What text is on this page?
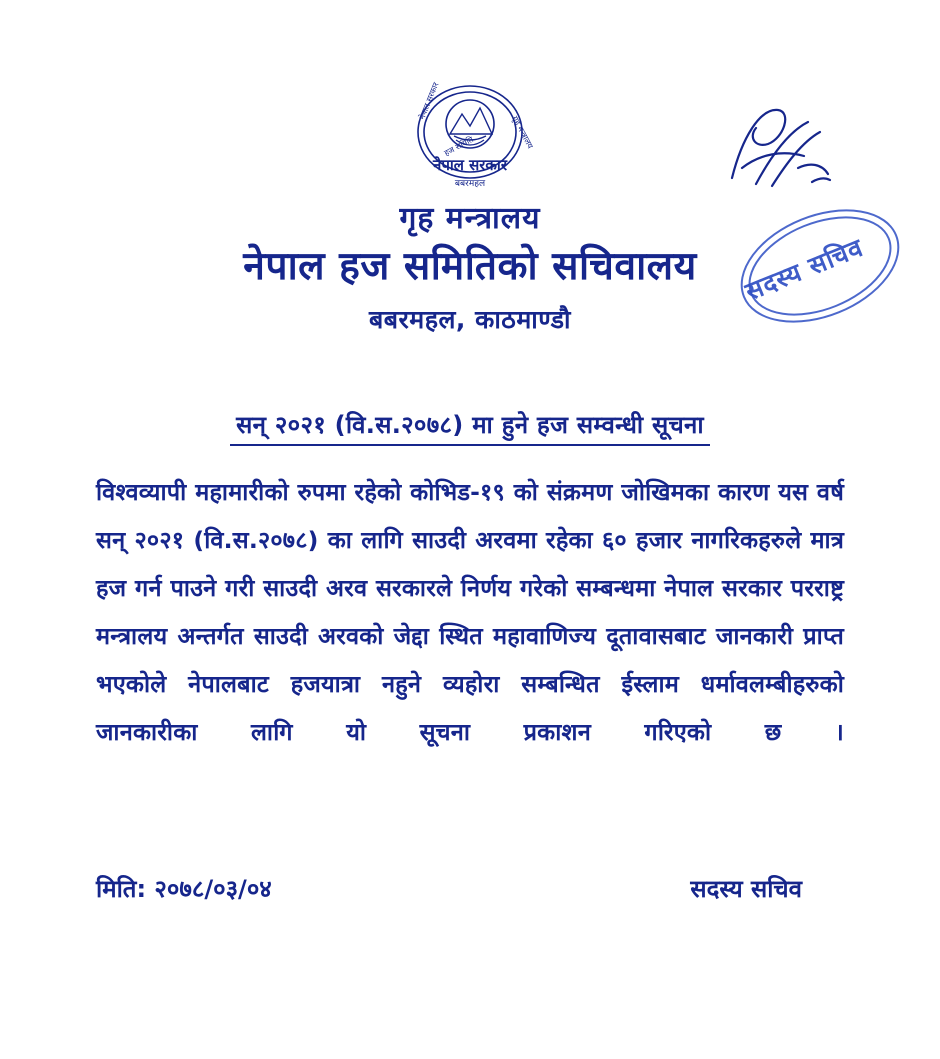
नेपाल सरकार
बबरमहल
नेपाल सरकार
गृह मन्त्रालय
हज समिति
सदस्य सचिव
गृह मन्त्रालय
नेपाल हज समितिको सचिवालय
बबरमहल, काठमाण्डौ
सन् २०२१ (वि.स.२०७८) मा हुने हज सम्वन्धी सूचना
विश्वव्यापी महामारीको रुपमा रहेको कोभिड-१९ को संक्रमण जोखिमका कारण यस वर्ष सन् २०२१ (वि.स.२०७८) का लागि साउदी अरवमा रहेका ६० हजार नागरिकहरुले मात्र हज गर्न पाउने गरी साउदी अरव सरकारले निर्णय गरेको सम्बन्धमा नेपाल सरकार परराष्ट्र मन्त्रालय अन्तर्गत साउदी अरवको जेद्दा स्थित महावाणिज्य दूतावासबाट जानकारी प्राप्त भएकोले नेपालबाट हजयात्रा नहुने व्यहोरा सम्बन्धित ईस्लाम धर्मावलम्बीहरुको जानकारीका लागि यो सूचना प्रकाशन गरिएको छ ।
मिति: २०७८/०३/०४	सदस्य सचिव
